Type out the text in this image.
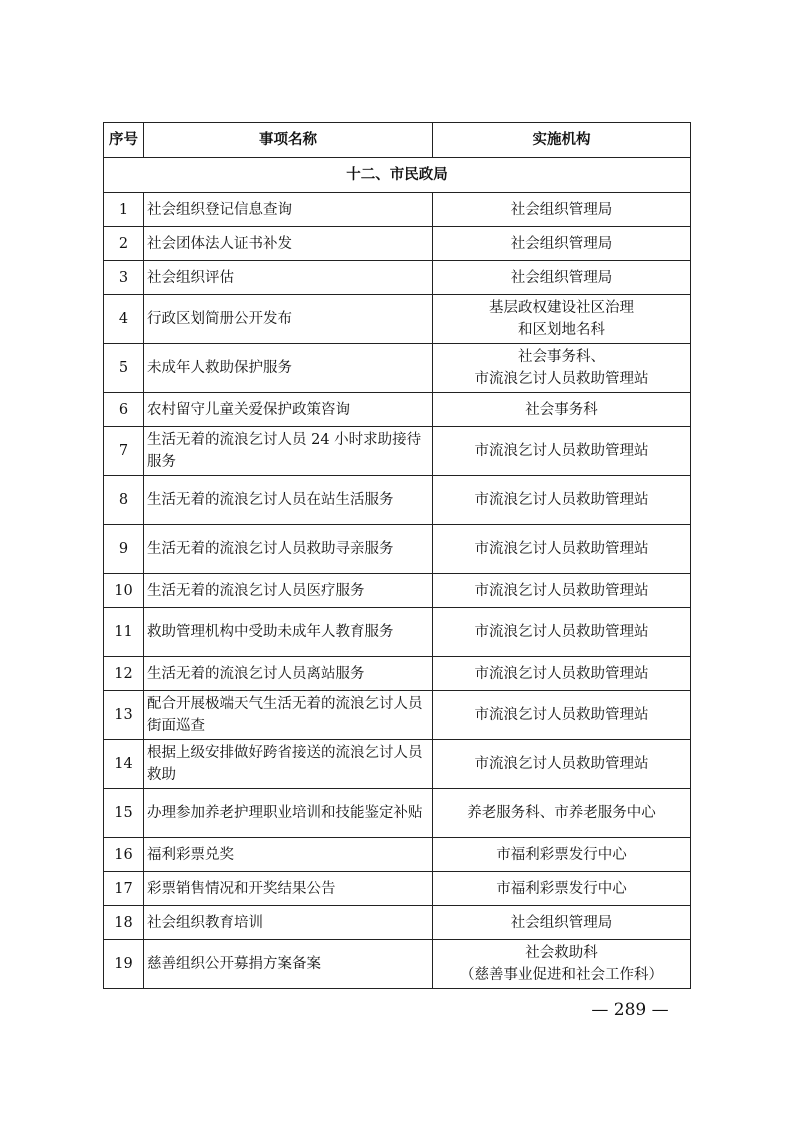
序号	事项名称	实施机构
十二、市民政局		
1	社会组织登记信息查询	社会组织管理局

2	社会团体法人证书补发	社会组织管理局

3	社会组织评估	社会组织管理局

4	行政区划简册公开发布	基层政权建设社区治理
和区划地名科

5	未成年人救助保护服务	社会事务科、
市流浪乞讨人员救助管理站

6	农村留守儿童关爱保护政策咨询	社会事务科

7	生活无着的流浪乞讨人员 24 小时求助接待服务	市流浪乞讨人员救助管理站

8	生活无着的流浪乞讨人员在站生活服务	市流浪乞讨人员救助管理站

9	生活无着的流浪乞讨人员救助寻亲服务	市流浪乞讨人员救助管理站

10	生活无着的流浪乞讨人员医疗服务	市流浪乞讨人员救助管理站

11	救助管理机构中受助未成年人教育服务	市流浪乞讨人员救助管理站

12	生活无着的流浪乞讨人员离站服务	市流浪乞讨人员救助管理站

13	配合开展极端天气生活无着的流浪乞讨人员街面巡查	市流浪乞讨人员救助管理站

14	根据上级安排做好跨省接送的流浪乞讨人员救助	市流浪乞讨人员救助管理站

15	办理参加养老护理职业培训和技能鉴定补贴	养老服务科、市养老服务中心

16	福利彩票兑奖	市福利彩票发行中心

17	彩票销售情况和开奖结果公告	市福利彩票发行中心

18	社会组织教育培训	社会组织管理局

19	慈善组织公开募捐方案备案	社会救助科
（慈善事业促进和社会工作科）
— 289 —
